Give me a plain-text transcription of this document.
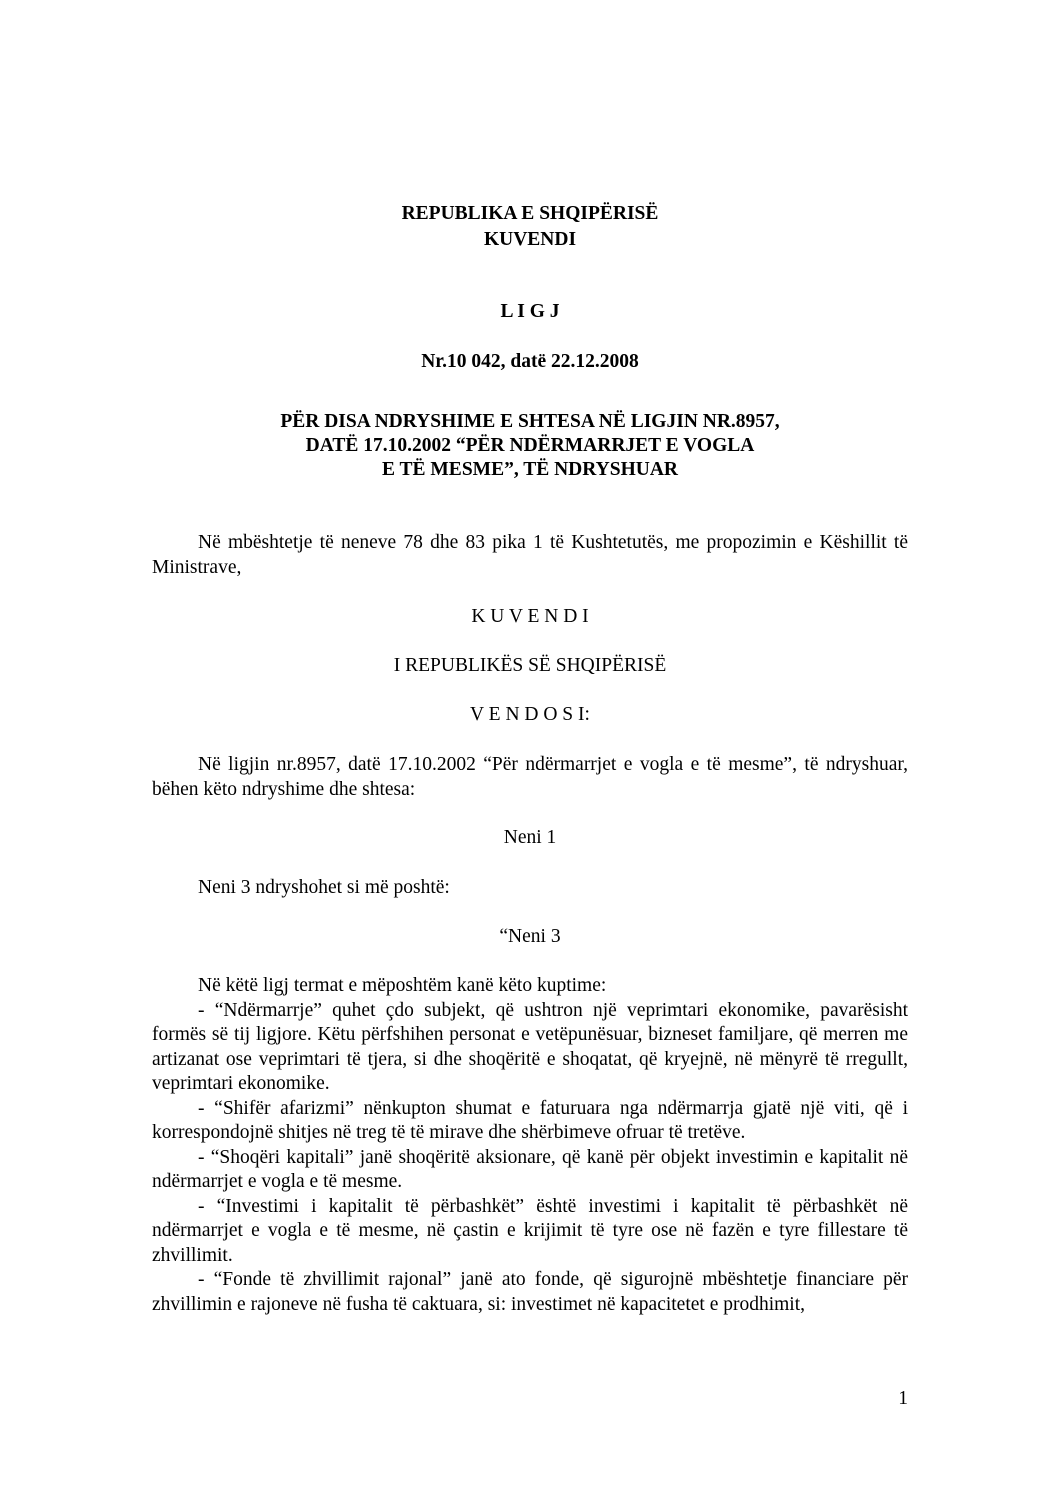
REPUBLIKA E SHQIPËRISË
KUVENDI
L I G J
Nr.10 042, datë 22.12.2008
PËR DISA NDRYSHIME E SHTESA NË LIGJIN NR.8957,
DATË 17.10.2002 “PËR NDËRMARRJET E VOGLA
E TË MESME”, TË NDRYSHUAR

Në mbështetje të neneve 78 dhe 83 pika 1 të Kushtetutës, me propozimin e Këshillit të Ministrave,

K U V E N D I
I REPUBLIKËS SË SHQIPËRISË
V E N D O S I:

Në ligjin nr.8957, datë 17.10.2002 “Për ndërmarrjet e vogla e të mesme”, të ndryshuar, bëhen këto ndryshime dhe shtesa:

Neni 1

Neni 3 ndryshohet si më poshtë:

“Neni 3

Në këtë ligj termat e mëposhtëm kanë këto kuptime:

- “Ndërmarrje” quhet çdo subjekt, që ushtron një veprimtari ekonomike, pavarësisht formës së tij ligjore. Këtu përfshihen personat e vetëpunësuar, bizneset familjare, që merren me artizanat ose veprimtari të tjera, si dhe shoqëritë e shoqatat, që kryejnë, në mënyrë të rregullt, veprimtari ekonomike.

- “Shifër afarizmi” nënkupton shumat e faturuara nga ndërmarrja gjatë një viti, që i korrespondojnë shitjes në treg të të mirave dhe shërbimeve ofruar të tretëve.

- “Shoqëri kapitali” janë shoqëritë aksionare, që kanë për objekt investimin e kapitalit në ndërmarrjet e vogla e të mesme.

- “Investimi i kapitalit të përbashkët” është investimi i kapitalit të përbashkët në ndërmarrjet e vogla e të mesme, në çastin e krijimit të tyre ose në fazën e tyre fillestare të zhvillimit.

- “Fonde të zhvillimit rajonal” janë ato fonde, që sigurojnë mbështetje financiare për zhvillimin e rajoneve në fusha të caktuara, si: investimet në kapacitetet e prodhimit,

1
